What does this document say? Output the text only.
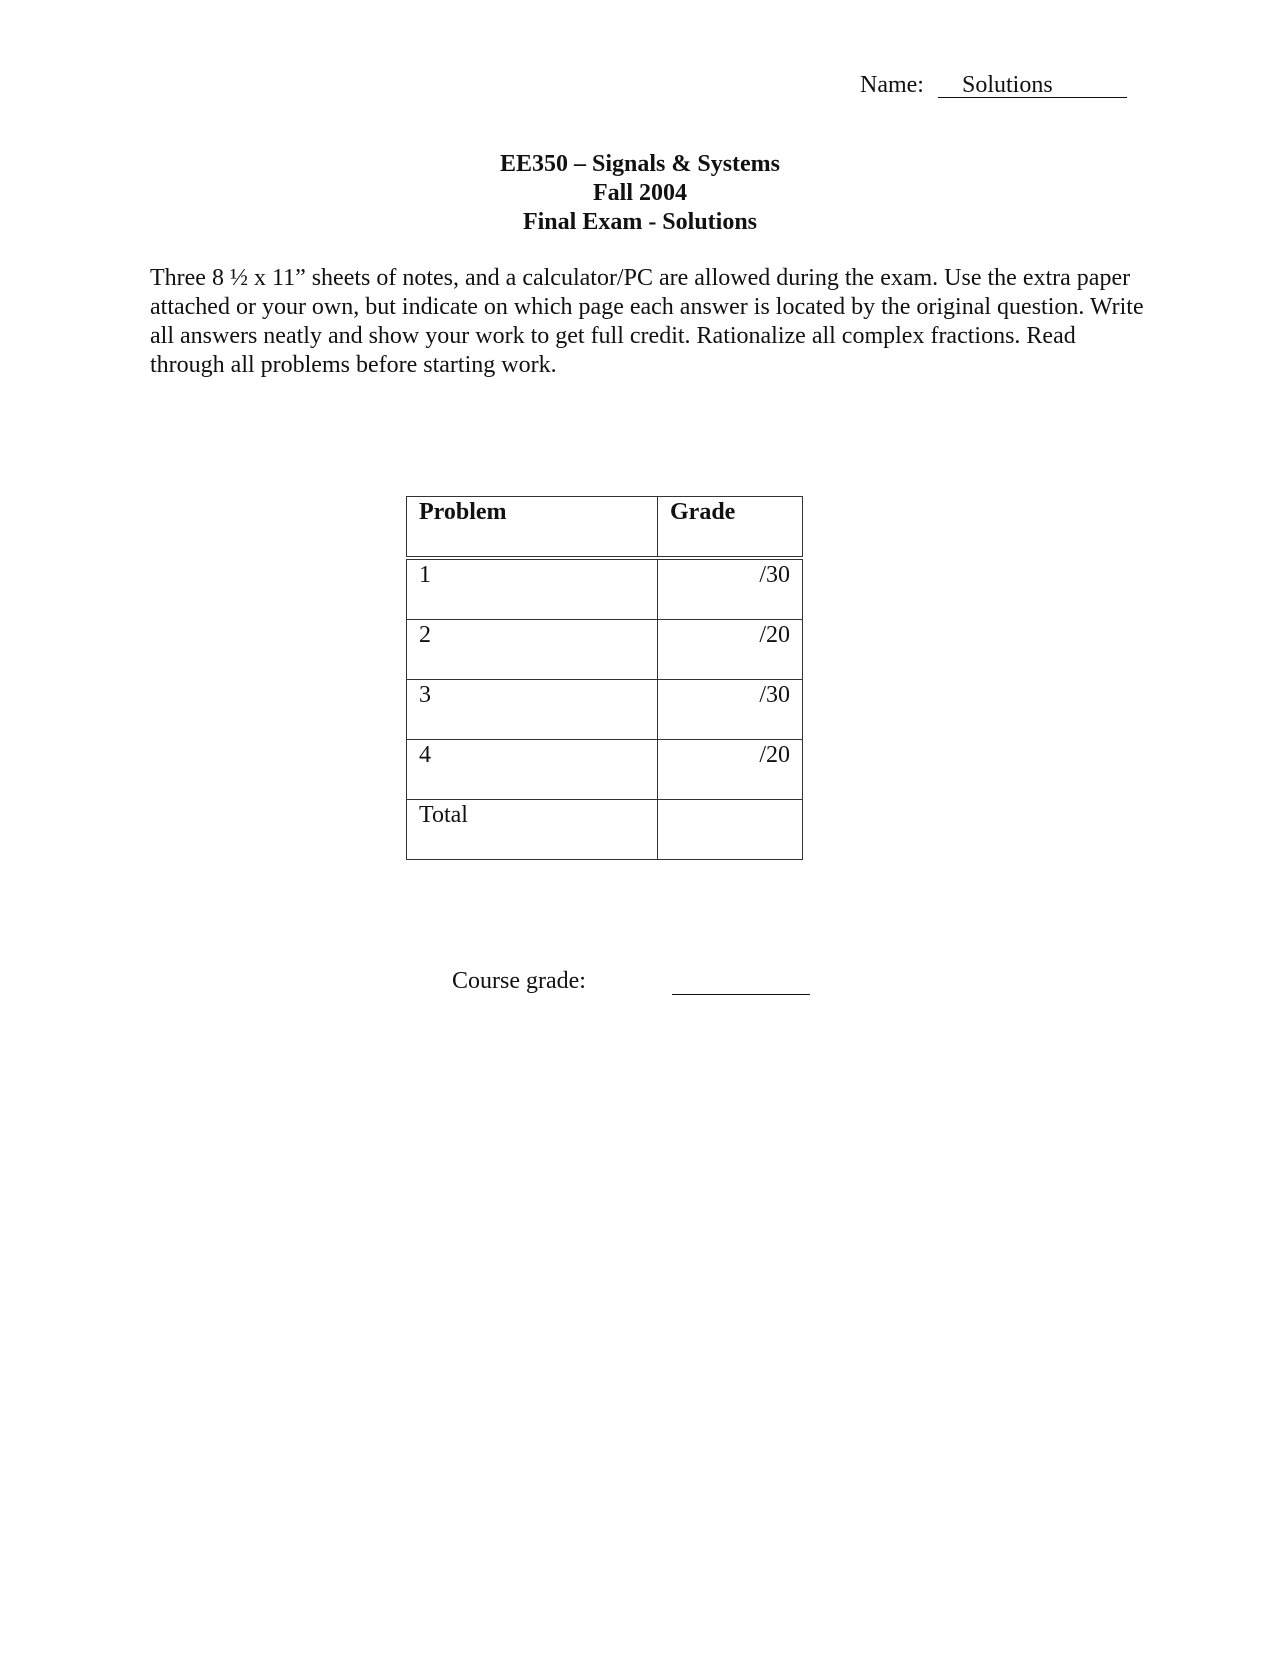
Name: Solutions
EE350 – Signals & Systems
Fall 2004
Final Exam - Solutions
Three 8 ½ x 11” sheets of notes, and a calculator/PC are allowed during the exam. Use the extra paper attached or your own, but indicate on which page each answer is located by the original question. Write all answers neatly and show your work to get full credit. Rationalize all complex fractions. Read through all problems before starting work.
Problem	Grade
1	/30
2	/20
3	/30
4	/20
Total	
Course grade:
